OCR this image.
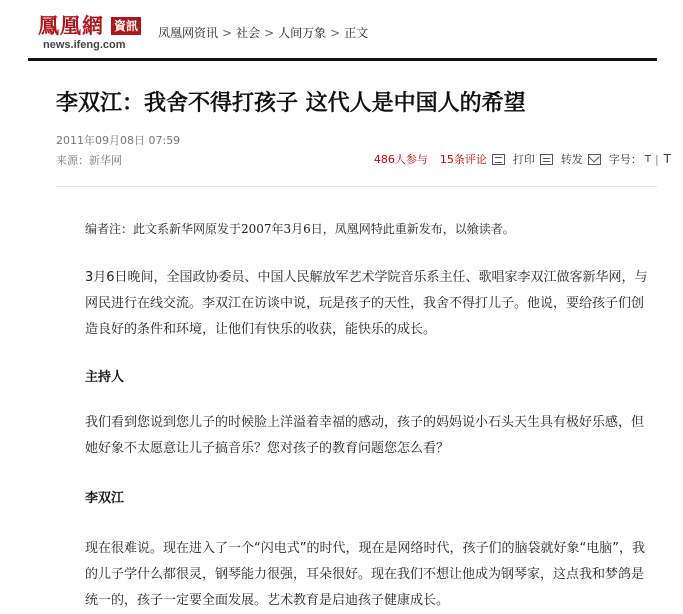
鳳凰網 資訊
news.ifeng.com
凤凰网资讯 > 社会 > 人间万象 > 正文
李双江：我舍不得打孩子 这代人是中国人的希望
2011年09月08日 07:59
来源：新华网	486人参与 15条评论 打印 转发 字号： T | T
编者注：此文系新华网原发于2007年3月6日，凤凰网特此重新发布，以飨读者。
3月6日晚间，全国政协委员、中国人民解放军艺术学院音乐系主任、歌唱家李双江做客新华网，与网民进行在线交流。李双江在访谈中说，玩是孩子的天性，我舍不得打儿子。他说，要给孩子们创造良好的条件和环境，让他们有快乐的收获，能快乐的成长。
主持人
我们看到您说到您儿子的时候脸上洋溢着幸福的感动，孩子的妈妈说小石头天生具有极好乐感，但她好象不太愿意让儿子搞音乐？您对孩子的教育问题您怎么看？
李双江
现在很难说。现在进入了一个“闪电式”的时代，现在是网络时代，孩子们的脑袋就好象“电脑”，我的儿子学什么都很灵，钢琴能力很强，耳朵很好。现在我们不想让他成为钢琴家，这点我和梦鸽是统一的，孩子一定要全面发展。艺术教育是启迪孩子健康成长。
